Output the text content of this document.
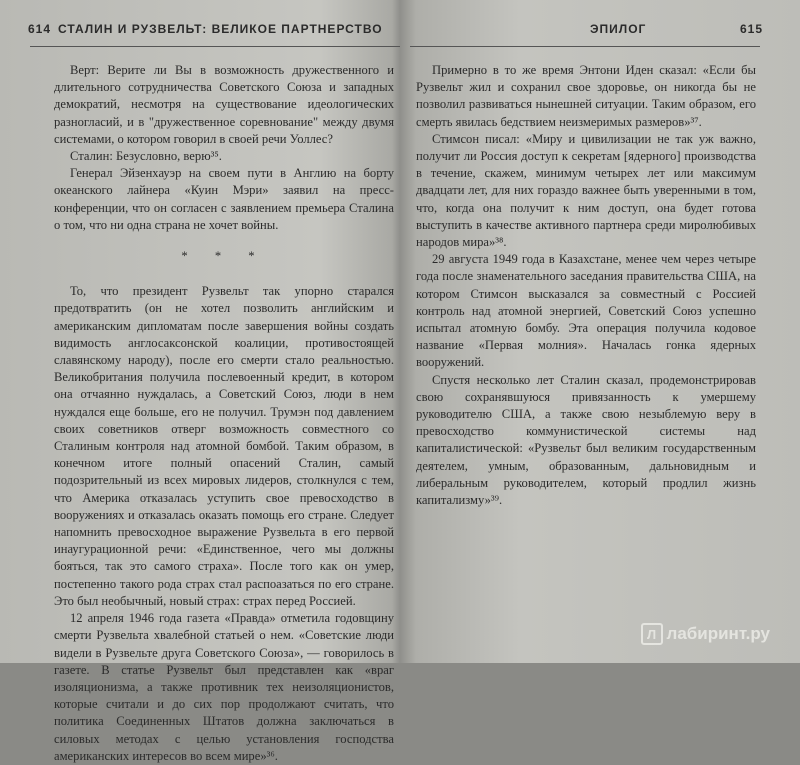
614 СТАЛИН И РУЗВЕЛЬТ: ВЕЛИКОЕ ПАРТНЕРСТВО

Верт: Верите ли Вы в возможность дружественного и длительного сотрудничества Советского Союза и западных демократий, несмотря на существование идеологических разногласий, и в "дружественное соревнование" между двумя системами, о котором говорил в своей речи Уоллес?

Сталин: Безусловно, верю³⁵.

Генерал Эйзенхауэр на своем пути в Англию на борту океанского лайнера «Куин Мэри» заявил на пресс-конференции, что он согласен с заявлением премьера Сталина о том, что ни одна страна не хочет войны.

* * *

То, что президент Рузвельт так упорно старался предотвратить (он не хотел позволить английским и американским дипломатам после завершения войны создать видимость англосаксонской коалиции, противостоящей славянскому народу), после его смерти стало реальностью. Великобритания получила послевоенный кредит, в котором она отчаянно нуждалась, а Советский Союз, люди в нем нуждался еще больше, его не получил. Трумэн под давлением своих советников отверг возможность совместного со Сталиным контроля над атомной бомбой. Таким образом, в конечном итоге полный опасений Сталин, самый подозрительный из всех мировых лидеров, столкнулся с тем, что Америка отказалась уступить свое превосходство в вооружениях и отказалась оказать помощь его стране. Следует напомнить превосходное выражение Рузвельта в его первой инаугурационной речи: «Единственное, чего мы должны бояться, так это самого страха». После того как он умер, постепенно такого рода страх стал распоазаться по его стране. Это был необычный, новый страх: страх перед Россией.

12 апреля 1946 года газета «Правда» отметила годовщину смерти Рузвельта хвалебной статьей о нем. «Советские люди видели в Рузвельте друга Советского Союза», — говорилось в газете. В статье Рузвельт был представлен как «враг изоляционизма, а также противник тех неизоляционистов, которые считали и до сих пор продолжают считать, что политика Соединенных Штатов должна заключаться в силовых методах с целью установления господства американских интересов во всем мире»³⁶.

ЭПИЛОГ	615

Примерно в то же время Энтони Иден сказал: «Если бы Рузвельт жил и сохранил свое здоровье, он никогда бы не позволил развиваться нынешней ситуации. Таким образом, его смерть явилась бедствием неизмеримых размеров»³⁷.

Стимсон писал: «Миру и цивилизации не так уж важно, получит ли Россия доступ к секретам [ядерного] производства в течение, скажем, минимум четырех лет или максимум двадцати лет, для них гораздо важнее быть уверенными в том, что, когда она получит к ним доступ, она будет готова выступить в качестве активного партнера среди миролюбивых народов мира»³⁸.

29 августа 1949 года в Казахстане, менее чем через четыре года после знаменательного заседания правительства США, на котором Стимсон высказался за совместный с Россией контроль над атомной энергией, Советский Союз успешно испытал атомную бомбу. Эта операция получила кодовое название «Первая молния». Началась гонка ядерных вооружений.

Спустя несколько лет Сталин сказал, продемонстрировав свою сохранявшуюся привязанность к умершему руководителю США, а также свою незыблемую веру в превосходство коммунистической системы над капиталистической: «Рузвельт был великим государственным деятелем, умным, образованным, дальновидным и либеральным руководителем, который продлил жизнь капитализму»³⁹.

Л лабиринт.ру
